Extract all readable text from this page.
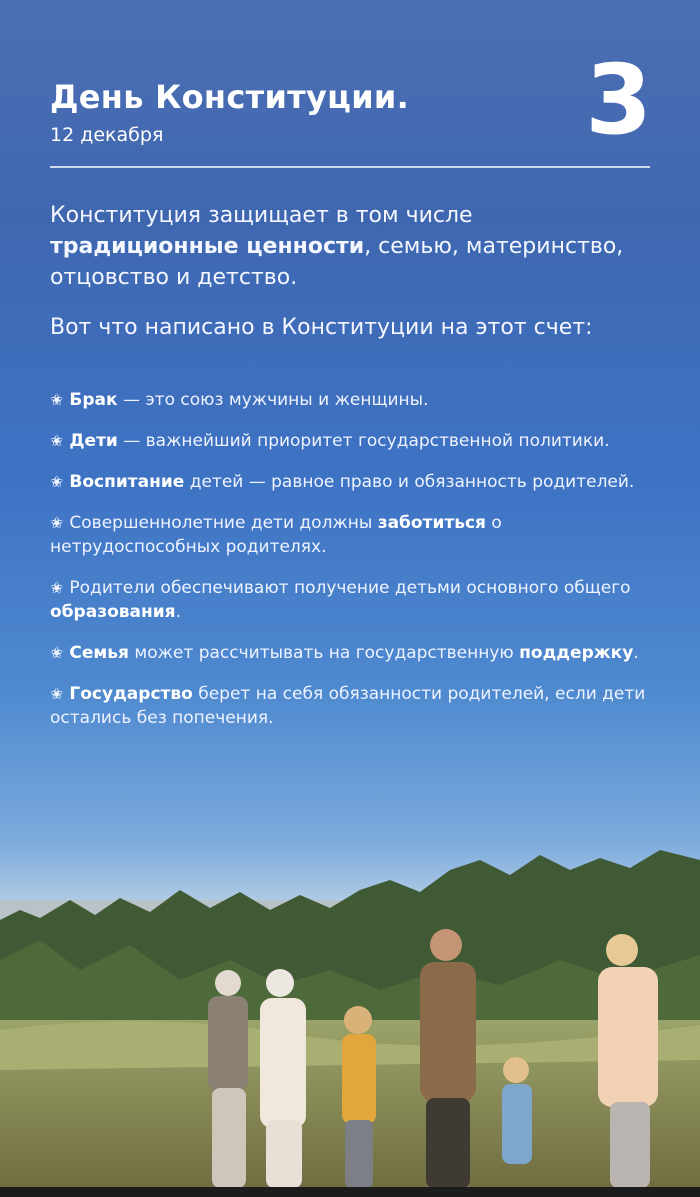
День Конституции.
12 декабря	3
Конституция защищает в том числе традиционные ценности, семью, материнство, отцовство и детство.
Вот что написано в Конституции на этот счет:
✬ Брак — это союз мужчины и женщины.
✬ Дети — важнейший приоритет государственной политики.
✬ Воспитание детей — равное право и обязанность родителей.
✬ Совершеннолетние дети должны заботиться о нетрудоспособных родителях.
✬ Родители обеспечивают получение детьми основного общего образования.
✬ Семья может рассчитывать на государственную поддержку.
✬ Государство берет на себя обязанности родителей, если дети остались без попечения.
